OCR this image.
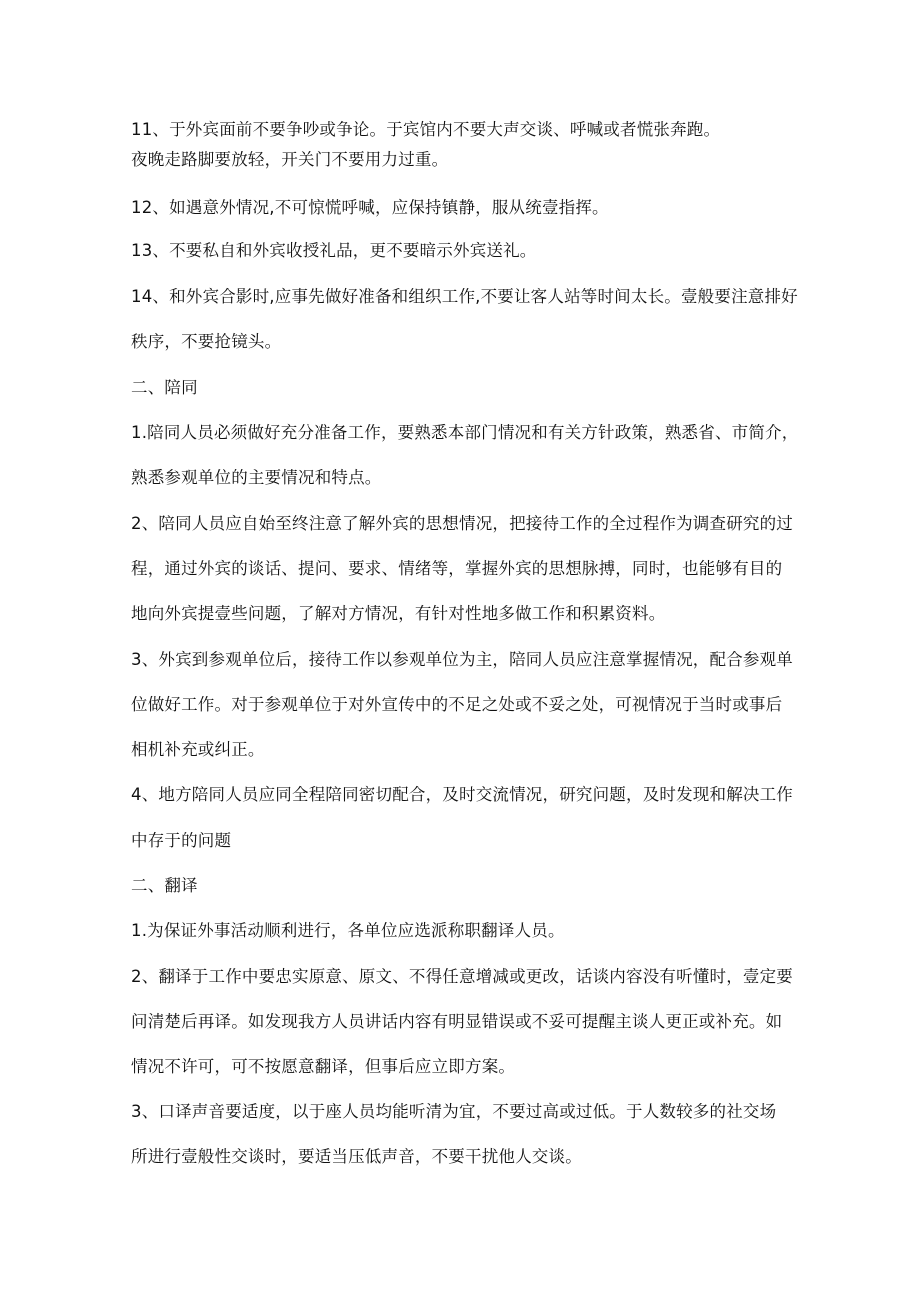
11、于外宾面前不要争吵或争论。于宾馆内不要大声交谈、呼喊或者慌张奔跑。
夜晚走路脚要放轻，开关门不要用力过重。
12、如遇意外情况,不可惊慌呼喊，应保持镇静，服从统壹指挥。
13、不要私自和外宾收授礼品，更不要暗示外宾送礼。
14、和外宾合影时,应事先做好准备和组织工作,不要让客人站等时间太长。壹般要注意排好
秩序，不要抢镜头。
二、陪同
1.陪同人员必须做好充分准备工作，要熟悉本部门情况和有关方针政策，熟悉省、市简介，
熟悉参观单位的主要情况和特点。
2、陪同人员应自始至终注意了解外宾的思想情况，把接待工作的全过程作为调查研究的过
程，通过外宾的谈话、提问、要求、情绪等，掌握外宾的思想脉搏，同时，也能够有目的
地向外宾提壹些问题，了解对方情况，有针对性地多做工作和积累资料。
3、外宾到参观单位后，接待工作以参观单位为主，陪同人员应注意掌握情况，配合参观单
位做好工作。对于参观单位于对外宣传中的不足之处或不妥之处，可视情况于当时或事后
相机补充或纠正。
4、地方陪同人员应同全程陪同密切配合，及时交流情况，研究问题，及时发现和解决工作
中存于的问题
二、翻译
1.为保证外事活动顺利进行，各单位应选派称职翻译人员。
2、翻译于工作中要忠实原意、原文、不得任意增减或更改，话谈内容没有听懂时，壹定要
问清楚后再译。如发现我方人员讲话内容有明显错误或不妥可提醒主谈人更正或补充。如
情况不许可，可不按愿意翻译，但事后应立即方案。
3、口译声音要适度，以于座人员均能听清为宜，不要过高或过低。于人数较多的社交场
所进行壹般性交谈时，要适当压低声音，不要干扰他人交谈。
